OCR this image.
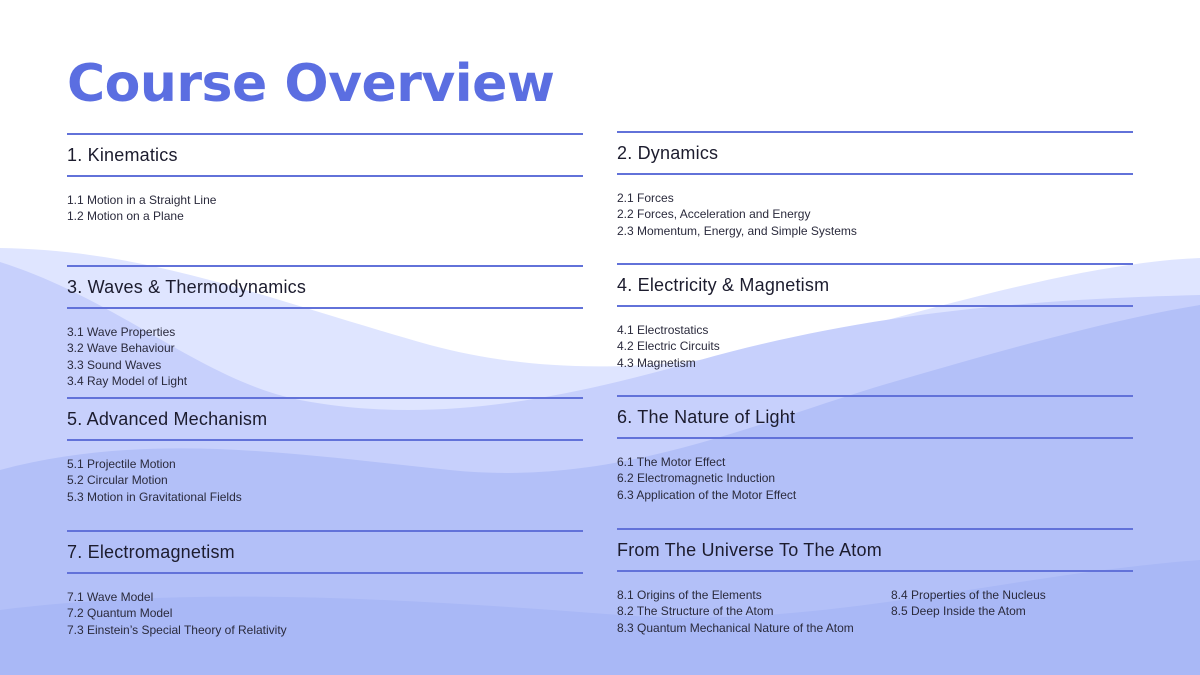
Course Overview
1. Kinematics
1.1 Motion in a Straight Line
1.2 Motion on a Plane
2. Dynamics
2.1 Forces
2.2 Forces, Acceleration and Energy
2.3 Momentum, Energy, and Simple Systems
3. Waves & Thermodynamics
3.1 Wave Properties
3.2 Wave Behaviour
3.3 Sound Waves
3.4 Ray Model of Light
4. Electricity & Magnetism
4.1 Electrostatics
4.2 Electric Circuits
4.3 Magnetism
5. Advanced Mechanism
5.1 Projectile Motion
5.2 Circular Motion
5.3 Motion in Gravitational Fields
6. The Nature of Light
6.1 The Motor Effect
6.2 Electromagnetic Induction
6.3 Application of the Motor Effect
7. Electromagnetism
7.1 Wave Model
7.2 Quantum Model
7.3 Einstein’s Special Theory of Relativity
From The Universe To The Atom
8.1 Origins of the Elements
8.2 The Structure of the Atom
8.3 Quantum Mechanical Nature of the Atom
8.4 Properties of the Nucleus
8.5 Deep Inside the Atom
